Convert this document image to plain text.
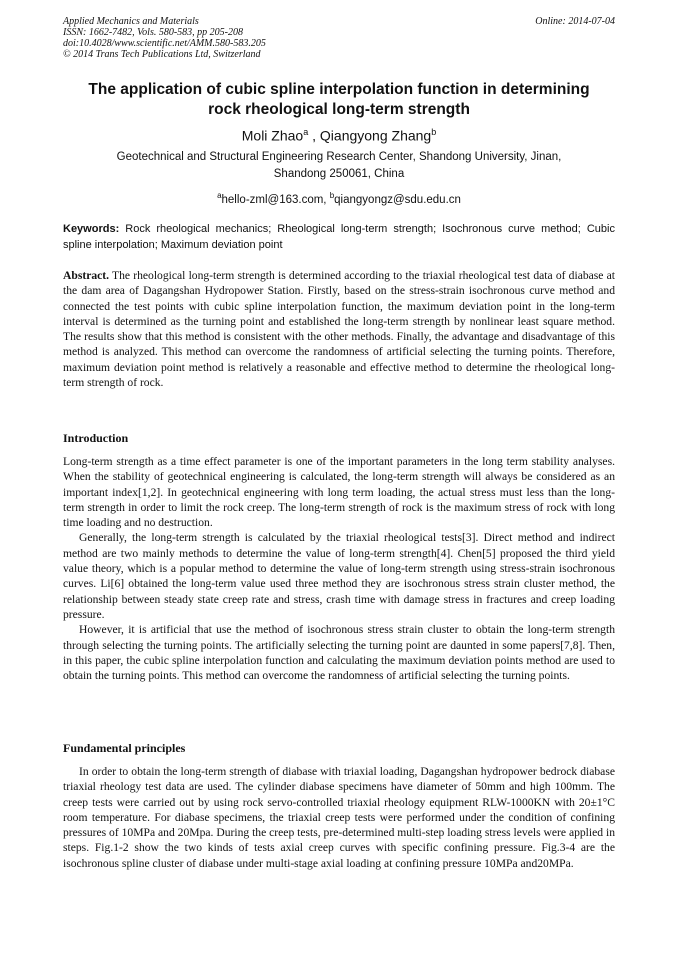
Applied Mechanics and Materials	Online: 2014-07-04
ISSN: 1662-7482, Vols. 580-583, pp 205-208
doi:10.4028/www.scientific.net/AMM.580-583.205
© 2014 Trans Tech Publications Ltd, Switzerland
The application of cubic spline interpolation function in determining
rock rheological long-term strength
Moli Zhao$^a$ , Qiangyong Zhang$^b$
Geotechnical and Structural Engineering Research Center, Shandong University, Jinan,
Shandong 250061, China
$^a$hello-zml@163.com, $^b$qiangyongz@sdu.edu.cn
Keywords: Rock rheological mechanics; Rheological long-term strength; Isochronous curve method; Cubic spline interpolation; Maximum deviation point

Abstract. The rheological long-term strength is determined according to the triaxial rheological test data of diabase at the dam area of Dagangshan Hydropower Station. Firstly, based on the stress-strain isochronous curve method and connected the test points with cubic spline interpolation function, the maximum deviation point in the long-term interval is determined as the turning point and established the long-term strength by nonlinear least square method. The results show that this method is consistent with the other methods. Finally, the advantage and disadvantage of this method is analyzed. This method can overcome the randomness of artificial selecting the turning points. Therefore, maximum deviation point method is relatively a reasonable and effective method to determine the rheological long-term strength of rock.

Introduction

Long-term strength as a time effect parameter is one of the important parameters in the long term stability analyses. When the stability of geotechnical engineering is calculated, the long-term strength will always be considered as an important index[1,2]. In geotechnical engineering with long term loading, the actual stress must less than the long-term strength in order to limit the rock creep. The long-term strength of rock is the maximum stress of rock with long time loading and no destruction.

Generally, the long-term strength is calculated by the triaxial rheological tests[3]. Direct method and indirect method are two mainly methods to determine the value of long-term strength[4]. Chen[5] proposed the third yield value theory, which is a popular method to determine the value of long-term strength using stress-strain isochronous curves. Li[6] obtained the long-term value used three method they are isochronous stress strain cluster method, the relationship between steady state creep rate and stress, crash time with damage stress in fractures and creep loading pressure.

However, it is artificial that use the method of isochronous stress strain cluster to obtain the long-term strength through selecting the turning points. The artificially selecting the turning point are daunted in some papers[7,8]. Then, in this paper, the cubic spline interpolation function and calculating the maximum deviation points method are used to obtain the turning points. This method can overcome the randomness of artificial selecting the turning points.

Fundamental principles

In order to obtain the long-term strength of diabase with triaxial loading, Dagangshan hydropower bedrock diabase triaxial rheology test data are used. The cylinder diabase specimens have diameter of 50mm and high 100mm. The creep tests were carried out by using rock servo-controlled triaxial rheology equipment RLW-1000KN with 20±1°C room temperature. For diabase specimens, the triaxial creep tests were performed under the condition of confining pressures of 10MPa and 20Mpa. During the creep tests, pre-determined multi-step loading stress levels were applied in steps. Fig.1-2 show the two kinds of tests axial creep curves with specific confining pressure. Fig.3-4 are the isochronous spline cluster of diabase under multi-stage axial loading at confining pressure 10MPa and20MPa.
